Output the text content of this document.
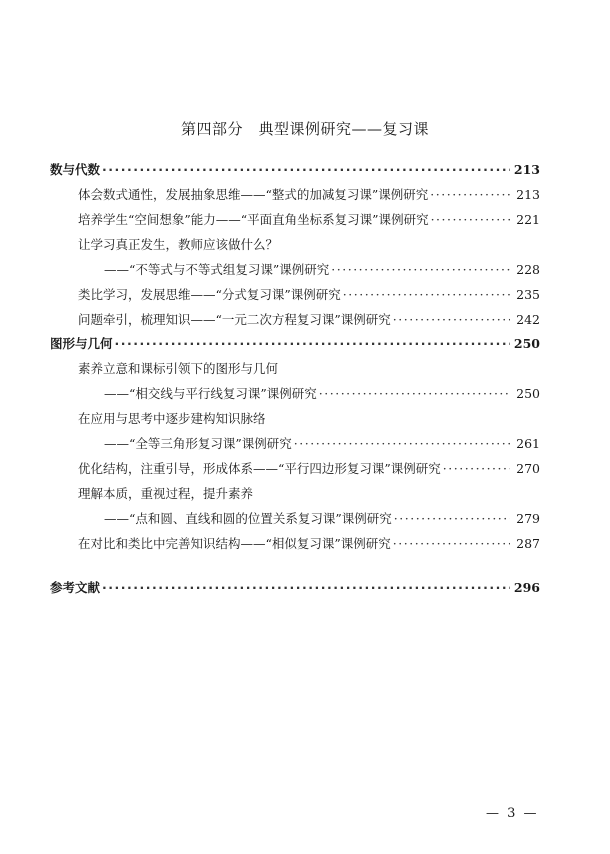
第四部分　典型课例研究——复习课
数与代数 ·····	213
体会数式通性，发展抽象思维——“整式的加减复习课”课例研究 ·····	213
培养学生“空间想象”能力——“平面直角坐标系复习课”课例研究 ·····	221
让学习真正发生，教师应该做什么？
——“不等式与不等式组复习课”课例研究 ·····	228
类比学习，发展思维——“分式复习课”课例研究 ·····	235
问题牵引，梳理知识——“一元二次方程复习课”课例研究 ·····	242
图形与几何 ·····	250
素养立意和课标引领下的图形与几何
——“相交线与平行线复习课”课例研究 ·····	250
在应用与思考中逐步建构知识脉络
——“全等三角形复习课”课例研究 ·····	261
优化结构，注重引导，形成体系——“平行四边形复习课”课例研究 ·····	270
理解本质，重视过程，提升素养
——“点和圆、直线和圆的位置关系复习课”课例研究 ·····	279
在对比和类比中完善知识结构——“相似复习课”课例研究 ·····	287
参考文献 ·····	296
— 3 —
